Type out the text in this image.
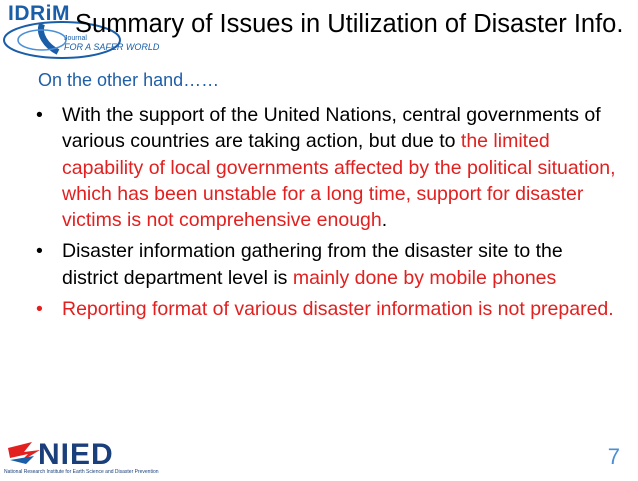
IDRiM
Journal
FOR A SAFER WORLD
Summary of Issues in Utilization of Disaster Info.
On the other hand……
• With the support of the United Nations, central governments of various countries are taking action, but due to the limited capability of local governments affected by the political situation, which has been unstable for a long time, support for disaster victims is not comprehensive enough.
• Disaster information gathering from the disaster site to the district department level is mainly done by mobile phones
• Reporting format of various disaster information is not prepared.
NIED
National Research Institute for Earth Science and Disaster Prevention
7
